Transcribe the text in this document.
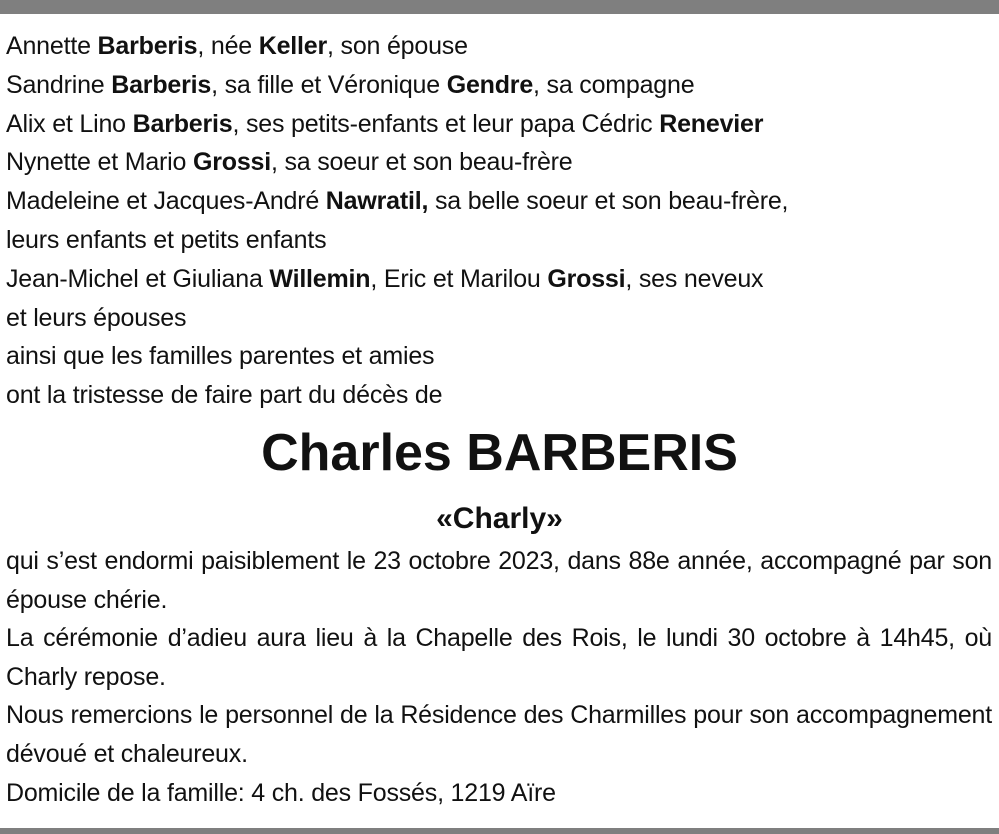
Annette Barberis, née Keller, son épouse
Sandrine Barberis, sa fille et Véronique Gendre, sa compagne
Alix et Lino Barberis, ses petits-enfants et leur papa Cédric Renevier
Nynette et Mario Grossi, sa soeur et son beau-frère
Madeleine et Jacques-André Nawratil, sa belle soeur et son beau-frère,
leurs enfants et petits enfants
Jean-Michel et Giuliana Willemin, Eric et Marilou Grossi, ses neveux
et leurs épouses
ainsi que les familles parentes et amies
ont la tristesse de faire part du décès de
Charles BARBERIS
«Charly»

qui s’est endormi paisiblement le 23 octobre 2023, dans 88e année, accompagné par son épouse chérie.

La cérémonie d’adieu aura lieu à la Chapelle des Rois, le lundi 30 octobre à 14h45, où Charly repose.

Nous remercions le personnel de la Résidence des Charmilles pour son accompagnement dévoué et chaleureux.

Domicile de la famille: 4 ch. des Fossés, 1219 Aïre
